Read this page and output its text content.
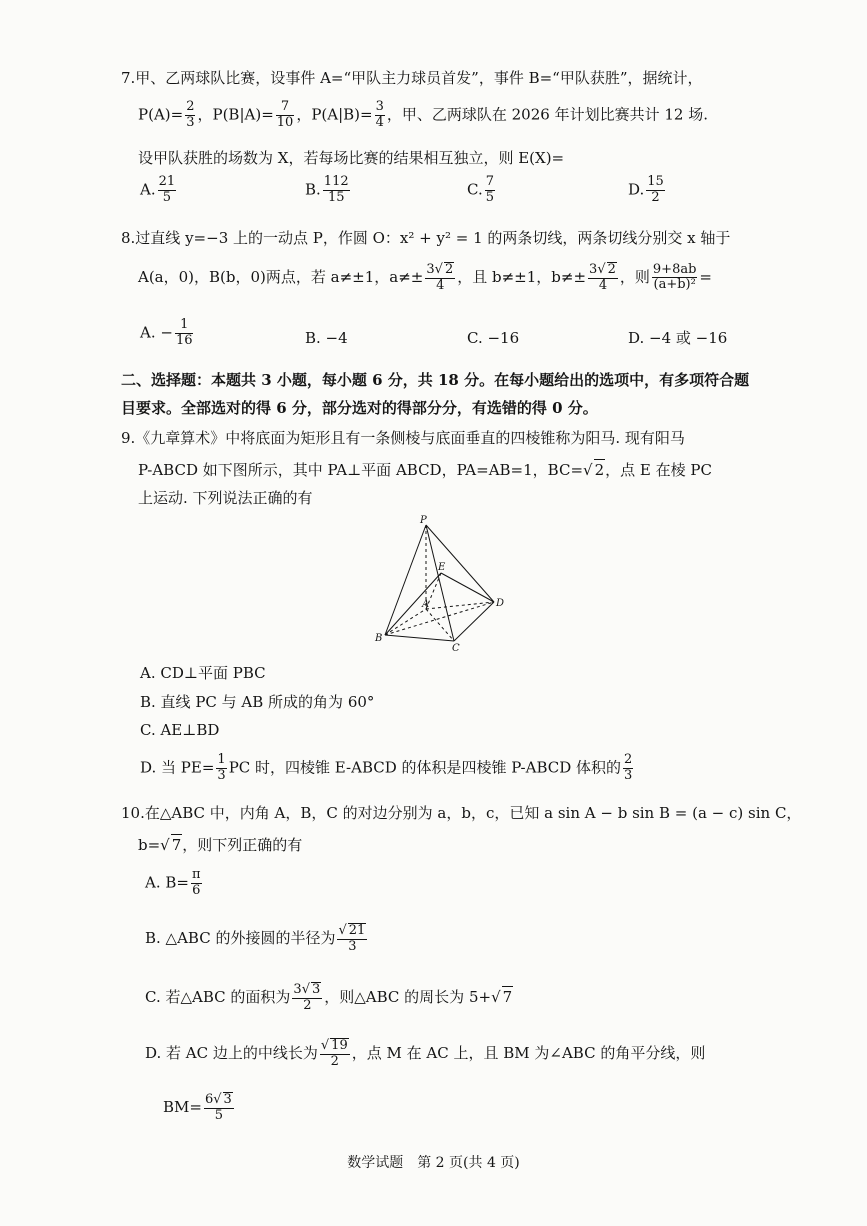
7.甲、乙两球队比赛，设事件 A=“甲队主力球员首发”，事件 B=“甲队获胜”，据统计，
$P(A)= \frac{2}{3}$ ，$P(B|A)= \frac{7}{10}$ ，$P(A|B)= \frac{3}{4}$ ，甲、乙两球队在 2026 年计划比赛共计 12 场.
设甲队获胜的场数为 X，若每场比赛的结果相互独立，则 E(X)=
A. $\frac{21}{5}$	B. $\frac{112}{15}$	C. $\frac{7}{5}$	D. $\frac{15}{2}$
8.过直线 y=−3 上的一动点 P，作圆 O：x² + y² = 1 的两条切线，两条切线分别交 x 轴于
A(a，0)，B(b，0)两点，若 a≠±1，$a\ne\pm \frac{3√ 2}{4}$ ，且 b≠±1，$b\ne\pm \frac{3√ 2}{4}$ ，则 $\frac{9+8ab}{\text{(a+b)²}}$ =
A. − $\frac{1}{16}$	B. −4	C. −16	D. −4 或 −16
二、选择题：本题共 3 小题，每小题 6 分，共 18 分。在每小题给出的选项中，有多项符合题
目要求。全部选对的得 6 分，部分选对的得部分分，有选错的得 0 分。
9.《九章算术》中将底面为矩形且有一条侧棱与底面垂直的四棱锥称为阳马. 现有阳马
P-ABCD 如下图所示，其中 PA⊥平面 ABCD，PA=AB=1，BC=√ 2，点 E 在棱 PC
上运动. 下列说法正确的有
P
E
A
B
C
D
A. CD⊥平面 PBC
B. 直线 PC 与 AB 所成的角为 60°
C. AE⊥BD
D. 当 $PE= \frac{1}{3}$ PC 时，四棱锥 E-ABCD 的体积是四棱锥 P-ABCD 体积的 $\frac{2}{3}$
10.在△ABC 中，内角 A，B，C 的对边分别为 a，b，c，已知 a sin A − b sin B = (a − c) sin C，
b=√ 7，则下列正确的有
A. $B= \frac{\pi}{6}$
B. △ABC 的外接圆的半径为 $\frac{√ 21}{3}$
C. 若△ABC 的面积为 $\frac{3√ 3}{2}$ ，则△ABC 的周长为 5+√ 7
D. 若 AC 边上的中线长为 $\frac{√ 19}{2}$ ，点 M 在 AC 上，且 BM 为∠ABC 的角平分线，则
$BM= \frac{6√ 3}{5}$
数学试题　第 2 页(共 4 页)
